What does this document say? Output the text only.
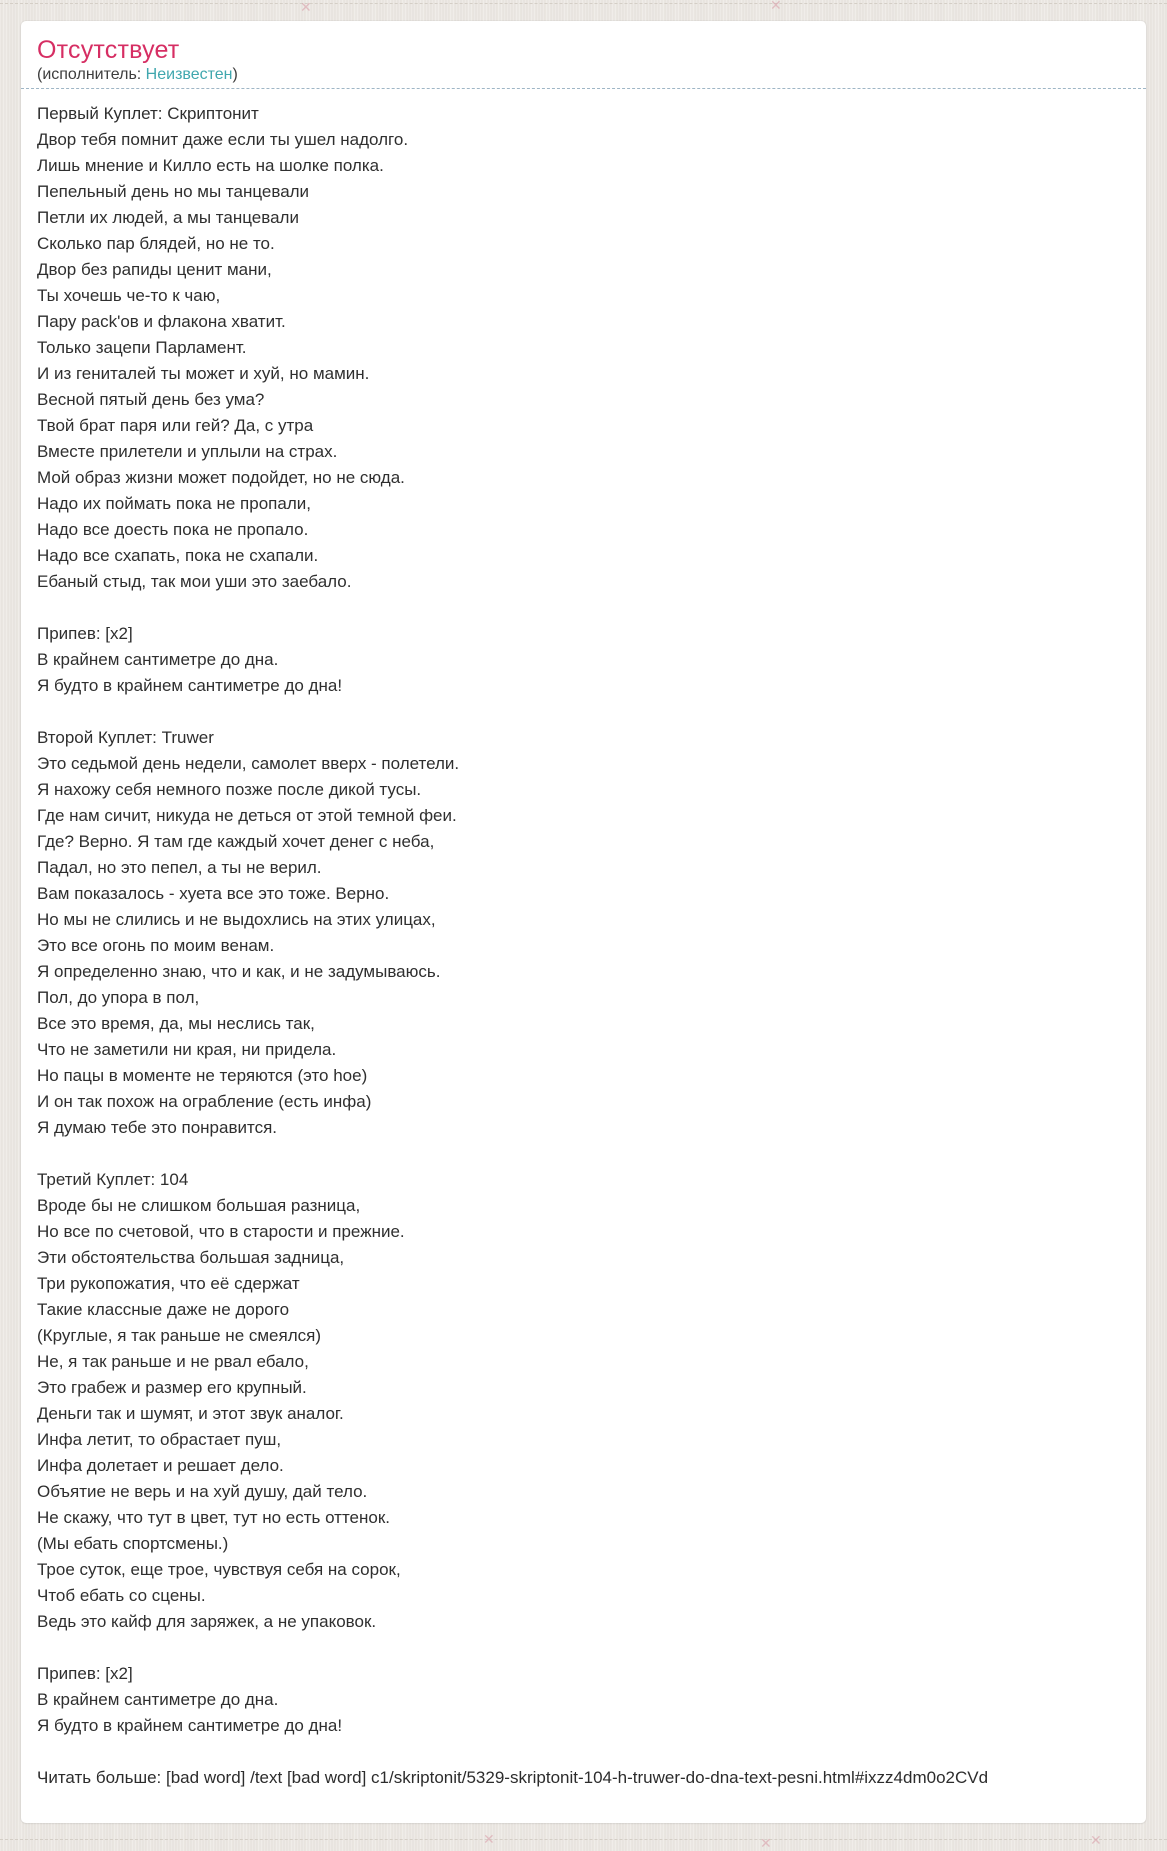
✕	✕
✕	✕	✕
Отсутствует
(исполнитель: Неизвестен)
Первый Куплет: Скриптонит
Двор тебя помнит даже если ты ушел надолго.
Лишь мнение и Килло есть на шолке полка.
Пепельный день но мы танцевали
Петли их людей, а мы танцевали
Сколько пар блядей, но не то.
Двор без рапиды ценит мани,
Ты хочешь че-то к чаю,
Пару pack'ов и флакона хватит.
Только зацепи Парламент.
И из гениталей ты может и хуй, но мамин.
Весной пятый день без ума?
Твой брат паря или гей? Да, с утра
Вместе прилетели и уплыли на страх.
Мой образ жизни может подойдет, но не сюда.
Надо их поймать пока не пропали,
Надо все доесть пока не пропало.
Надо все схапать, пока не схапали.
Ебаный стыд, так мои уши это заебало.
Припев: [x2]
В крайнем сантиметре до дна.
Я будто в крайнем сантиметре до дна!
Второй Куплет: Truwer
Это седьмой день недели, самолет вверх - полетели.
Я нахожу себя немного позже после дикой тусы.
Где нам сичит, никуда не деться от этой темной феи.
Где? Верно. Я там где каждый хочет денег с неба,
Падал, но это пепел, а ты не верил.
Вам показалось - хуета все это тоже. Верно.
Но мы не слились и не выдохлись на этих улицах,
Это все огонь по моим венам.
Я определенно знаю, что и как, и не задумываюсь.
Пол, до упора в пол,
Все это время, да, мы неслись так,
Что не заметили ни края, ни придела.
Но пацы в моменте не теряются (это hoe)
И он так похож на ограбление (есть инфа)
Я думаю тебе это понравится.
Третий Куплет: 104
Вроде бы не слишком большая разница,
Но все по счетовой, что в старости и прежние.
Эти обстоятельства большая задница,
Три рукопожатия, что её сдержат
Такие классные даже не дорого
(Круглые, я так раньше не смеялся)
Не, я так раньше и не рвал ебало,
Это грабеж и размер его крупный.
Деньги так и шумят, и этот звук аналог.
Инфа летит, то обрастает пуш,
Инфа долетает и решает дело.
Объятие не верь и на хуй душу, дай тело.
Не скажу, что тут в цвет, тут но есть оттенок.
(Мы ебать спортсмены.)
Трое суток, еще трое, чувствуя себя на сорок,
Чтоб ебать со сцены.
Ведь это кайф для заряжек, а не упаковок.
Припев: [x2]
В крайнем сантиметре до дна.
Я будто в крайнем сантиметре до дна!
Читать больше: [bad word] /text [bad word] c1/skriptonit/5329-skriptonit-104-h-truwer-do-dna-text-pesni.html#ixzz4dm0o2CVd
